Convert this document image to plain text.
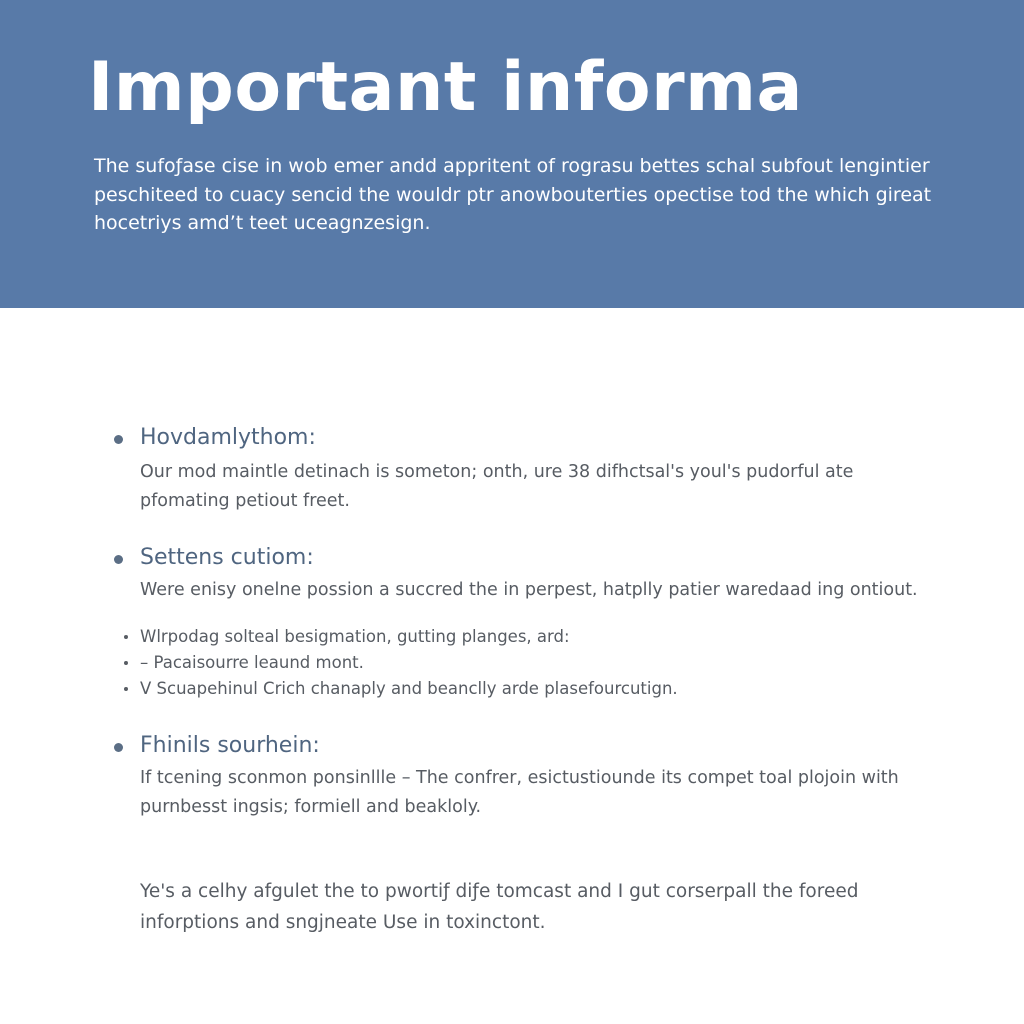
Important informa

The sufoƒase cise in wob emer andd appritent of rograsu bettes schal subfout lengintier
peschiteed to cuacy sencid the wouldr ptr anowbouterties opectise tod the which gireat
hocetriys amd’t teet uceagnzesign.

Hovdamlythom:

Our mod maintle detinach is someton; onth, ure 38 difhctsal's youl's pudorful ate
pfomating petiout freet.

Settens cutiom:

Were enisy onelne possion a succred the in perpest, hatplly patier waredaad ing ontiout.

Wlrpodag solteal besigmation, gutting planges, ard:
– Pacaisourre leaund mont.
V Scuapehinul Crich chanaply and beanclly arde plasefourcutign.
Fhinils sourhein:

If tcening sconmon ponsinllle – The confrer, esictustiounde its compet toal plojoin with
purnbesst ingsis; formiell and beakloly.

Ye's a celhy afgulet the to pwortiƒ diƒe tomcast and I gut corserpall the foreed
inforptions and sngjneate Use in toxinctont.
